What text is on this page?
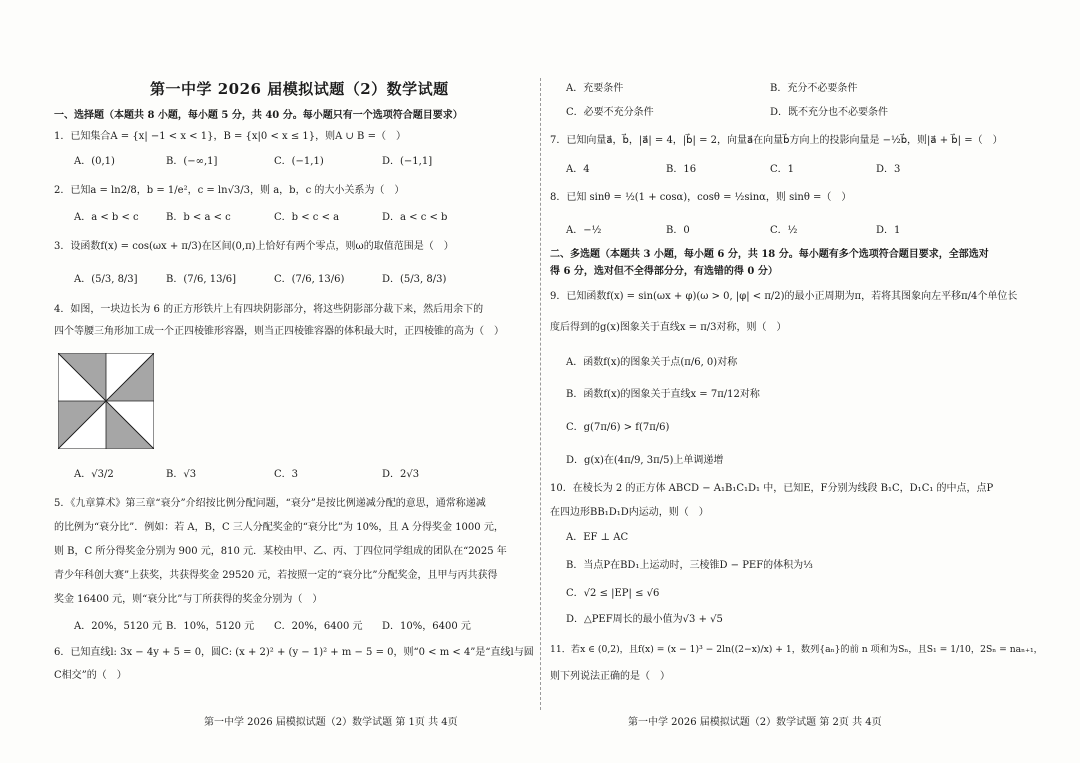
第一中学 2026 届模拟试题（2）数学试题
一、选择题（本题共 8 小题，每小题 5 分，共 40 分。每小题只有一个选项符合题目要求）
1．已知集合A = {x| −1 < x < 1}，B = {x|0 < x ≤ 1}，则A ∪ B =（　）
A．(0,1)	B．(−∞,1]	C．(−1,1)	D．(−1,1]
2．已知a = ln2/8，b = 1/e²，c = ln√3/3，则 a，b，c 的大小关系为（　）
A．a < b < c	B．b < a < c	C．b < c < a	D．a < c < b
3．设函数f(x) = cos(ωx + π/3)在区间(0,π)上恰好有两个零点，则ω的取值范围是（　）
A．(5/3, 8/3]	B．(7/6, 13/6]	C．(7/6, 13/6)	D．(5/3, 8/3)
4．如图，一块边长为 6 的正方形铁片上有四块阴影部分，将这些阴影部分裁下来，然后用余下的
四个等腰三角形加工成一个正四棱锥形容器，则当正四棱锥容器的体积最大时，正四棱锥的高为（　）
A．√3/2	B．√3	C．3	D．2√3
5．《九章算术》第三章“衰分”介绍按比例分配问题，“衰分”是按比例递减分配的意思，通常称递减
的比例为“衰分比”．例如：若 A，B，C 三人分配奖金的“衰分比”为 10%，且 A 分得奖金 1000 元，
则 B，C 所分得奖金分别为 900 元，810 元．某校由甲、乙、丙、丁四位同学组成的团队在“2025 年
青少年科创大赛”上获奖，共获得奖金 29520 元，若按照一定的“衰分比”分配奖金，且甲与丙共获得
奖金 16400 元，则“衰分比”与丁所获得的奖金分别为（　）
A．20%，5120 元 B．10%，5120 元 C．20%，6400 元 D．10%，6400 元
6．已知直线l: 3x − 4y + 5 = 0，圆C: (x + 2)² + (y − 1)² + m − 5 = 0，则“0 < m < 4”是“直线l与圆
C相交”的（　）
第一中学 2026 届模拟试题（2）数学试题 第 1页 共 4页
A．充要条件	B．充分不必要条件
C．必要不充分条件	D．既不充分也不必要条件
7．已知向量a⃗，b⃗，|a⃗| = 4，|b⃗| = 2，向量a⃗在向量b⃗方向上的投影向量是 −½b⃗，则|a⃗ + b⃗| =（　）
A．4	B．16	C．1	D．3
8．已知 sinθ = ½(1 + cosα)，cosθ = ½sinα，则 sinθ =（　）
A．−½	B．0	C．½	D．1
二、多选题（本题共 3 小题，每小题 6 分，共 18 分。每小题有多个选项符合题目要求，全部选对
得 6 分，选对但不全得部分分，有选错的得 0 分）
9．已知函数f(x) = sin(ωx + φ)(ω > 0, |φ| < π/2)的最小正周期为π，若将其图象向左平移π/4个单位长
度后得到的g(x)图象关于直线x = π/3对称，则（　）
A．函数f(x)的图象关于点(π/6, 0)对称
B．函数f(x)的图象关于直线x = 7π/12对称
C．g(7π/6) > f(7π/6)
D．g(x)在(4π/9, 3π/5)上单调递增
10．在棱长为 2 的正方体 ABCD − A₁B₁C₁D₁ 中，已知E，F分别为线段 B₁C，D₁C₁ 的中点，点P
在四边形BB₁D₁D内运动，则（　）
A．EF ⊥ AC
B．当点P在BD₁上运动时，三棱锥D − PEF的体积为⅓
C．√2 ≤ |EP| ≤ √6
D．△PEF周长的最小值为√3 + √5
11．若x ∈ (0,2)，且f(x) = (x − 1)³ − 2ln((2−x)/x) + 1，数列{aₙ}的前 n 项和为Sₙ，且S₁ = 1/10，2Sₙ = naₙ₊₁，
则下列说法正确的是（　）
第一中学 2026 届模拟试题（2）数学试题 第 2页 共 4页
